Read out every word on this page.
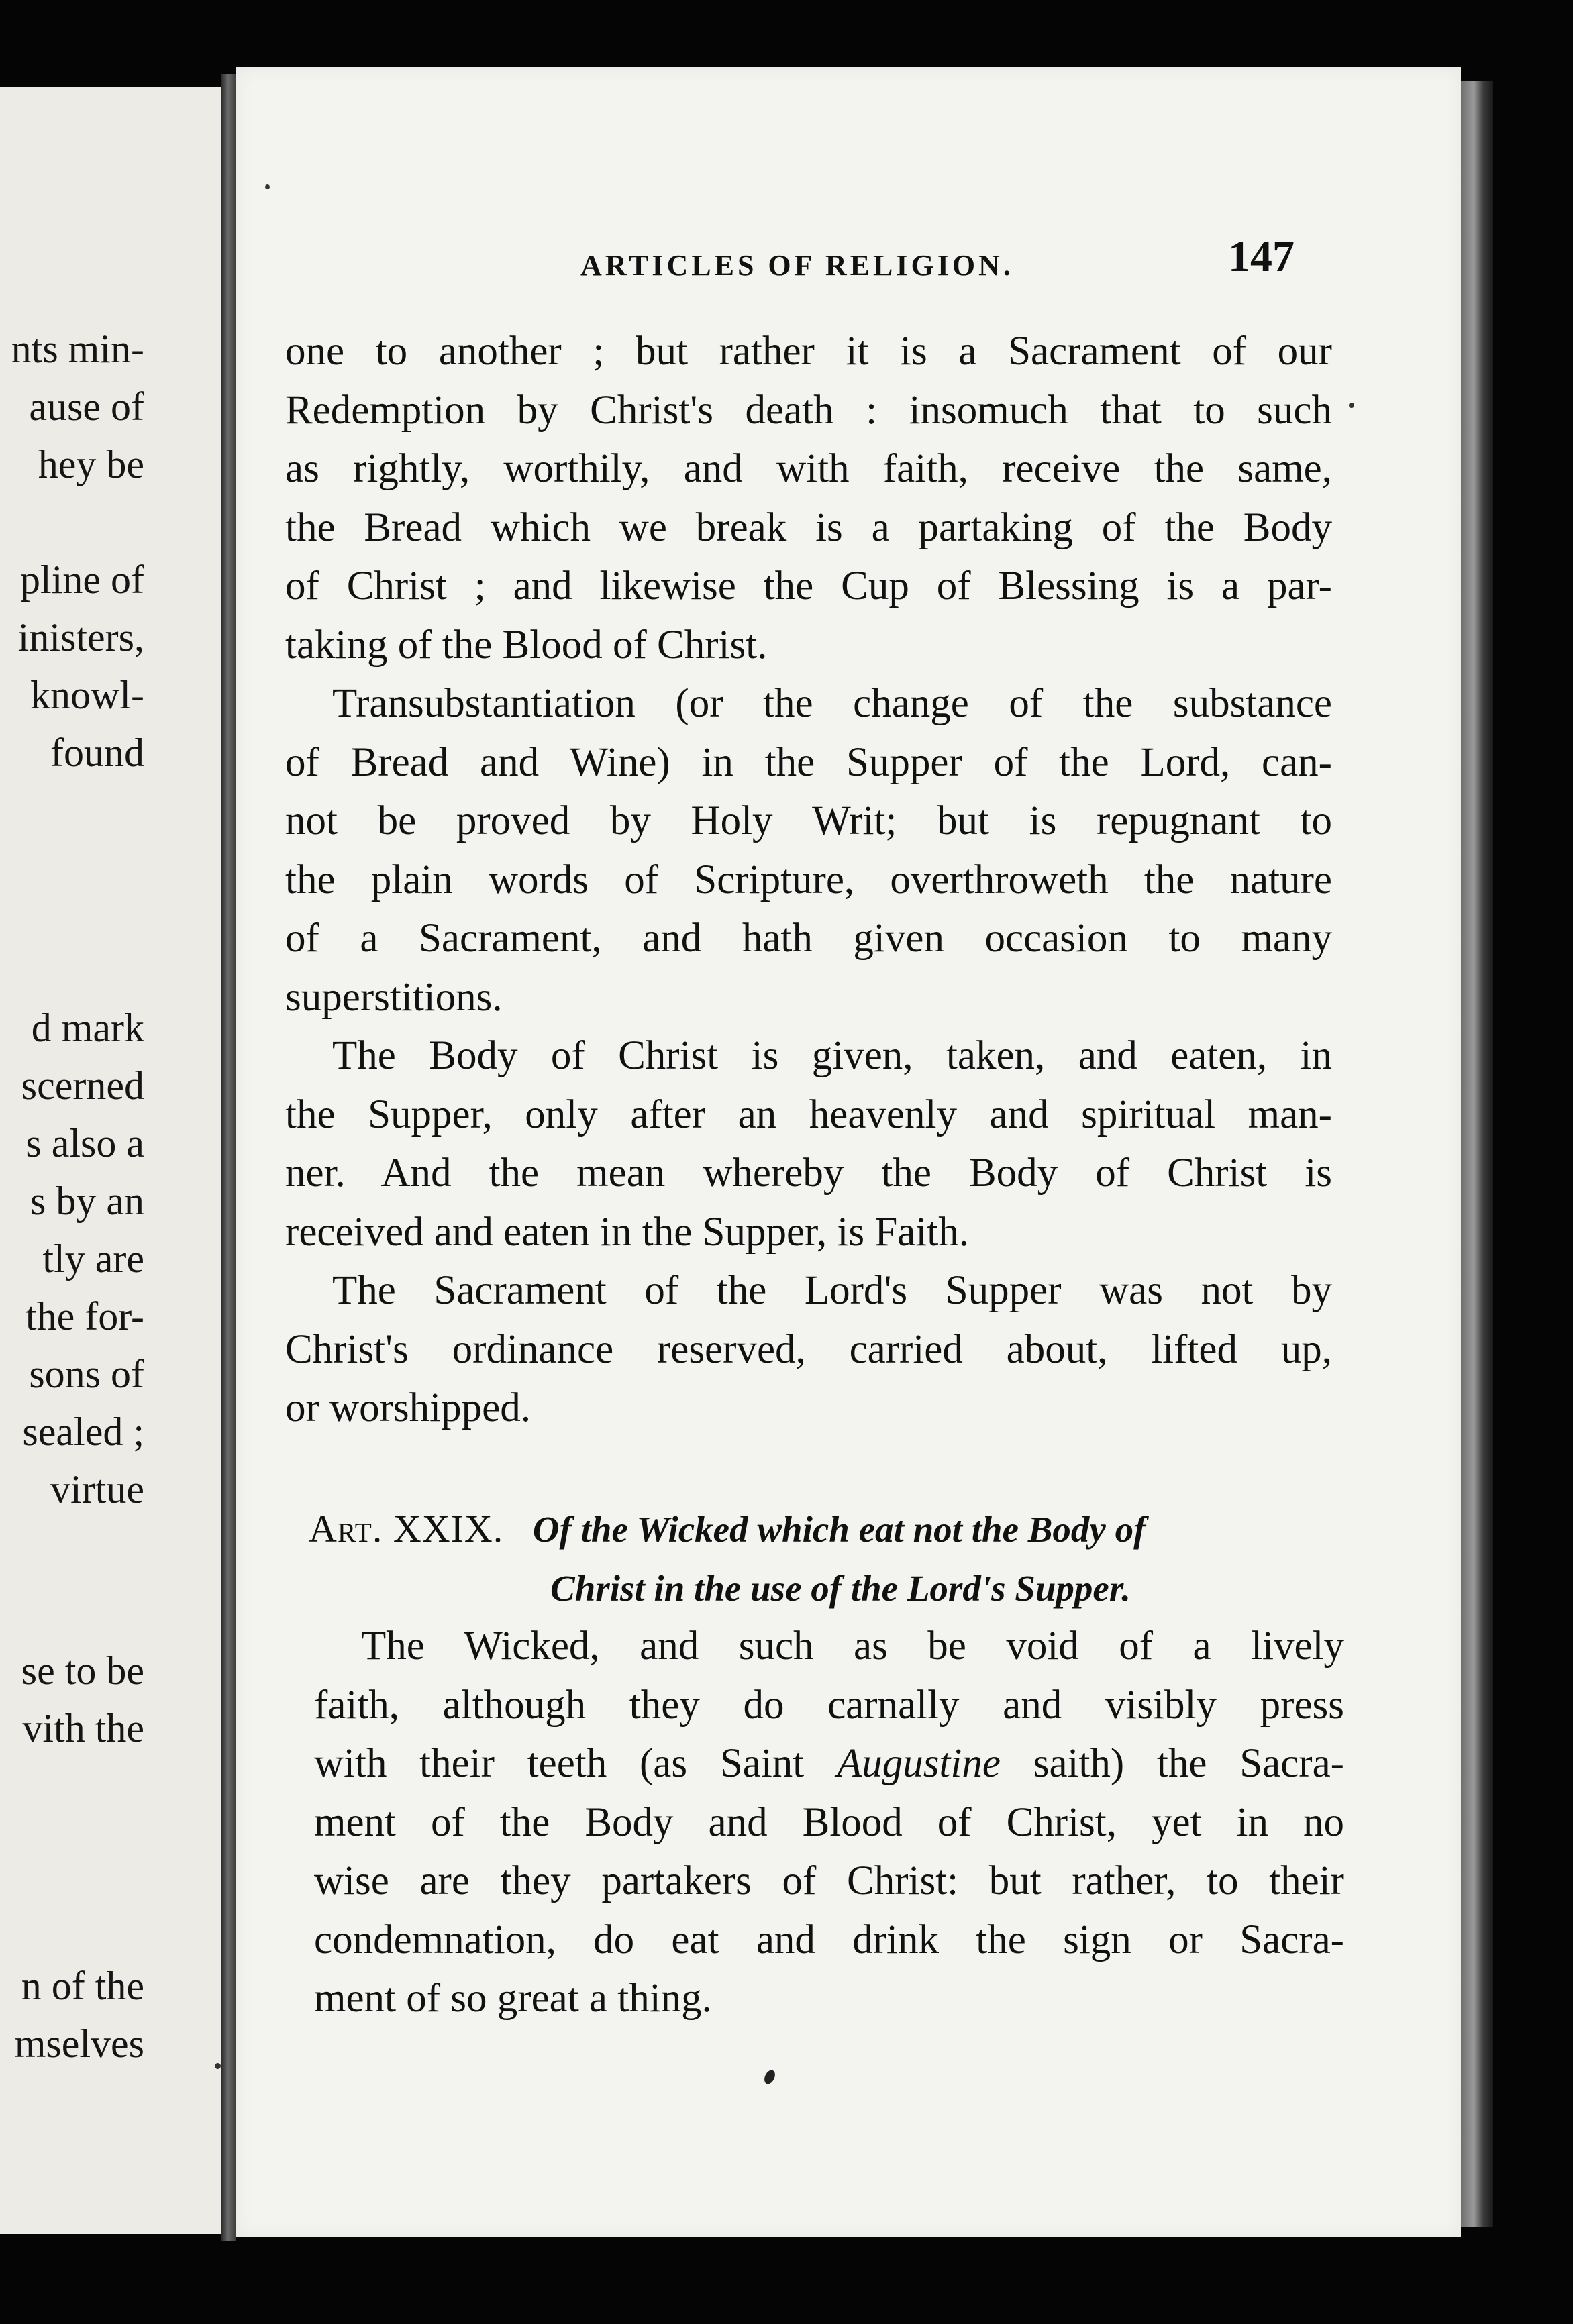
nts min-
ause of
hey be
pline of
inisters,
knowl-
found
d mark
scerned
s also a
s by an
tly are
the for-
sons of
sealed ;
virtue
se to be
vith the
n of the
mselves
ARTICLES OF RELIGION.	147

one to another ; but rather it is a Sacrament of our

Redemption by Christ's death : insomuch that to such

as rightly, worthily, and with faith, receive the same,

the Bread which we break is a partaking of the Body

of Christ ; and likewise the Cup of Blessing is a par-

taking of the Blood of Christ.

Transubstantiation (or the change of the substance

of Bread and Wine) in the Supper of the Lord, can-

not be proved by Holy Writ; but is repugnant to

the plain words of Scripture, overthroweth the nature

of a Sacrament, and hath given occasion to many

superstitions.

The Body of Christ is given, taken, and eaten, in

the Supper, only after an heavenly and spiritual man-

ner. And the mean whereby the Body of Christ is

received and eaten in the Supper, is Faith.

The Sacrament of the Lord's Supper was not by

Christ's ordinance reserved, carried about, lifted up,

or worshipped.

Art. XXIX. Of the Wicked which eat not the Body of
Christ in the use of the Lord's Supper.

The Wicked, and such as be void of a lively

faith, although they do carnally and visibly press

with their teeth (as Saint Augustine saith) the Sacra-

ment of the Body and Blood of Christ, yet in no

wise are they partakers of Christ: but rather, to their

condemnation, do eat and drink the sign or Sacra-

ment of so great a thing.
